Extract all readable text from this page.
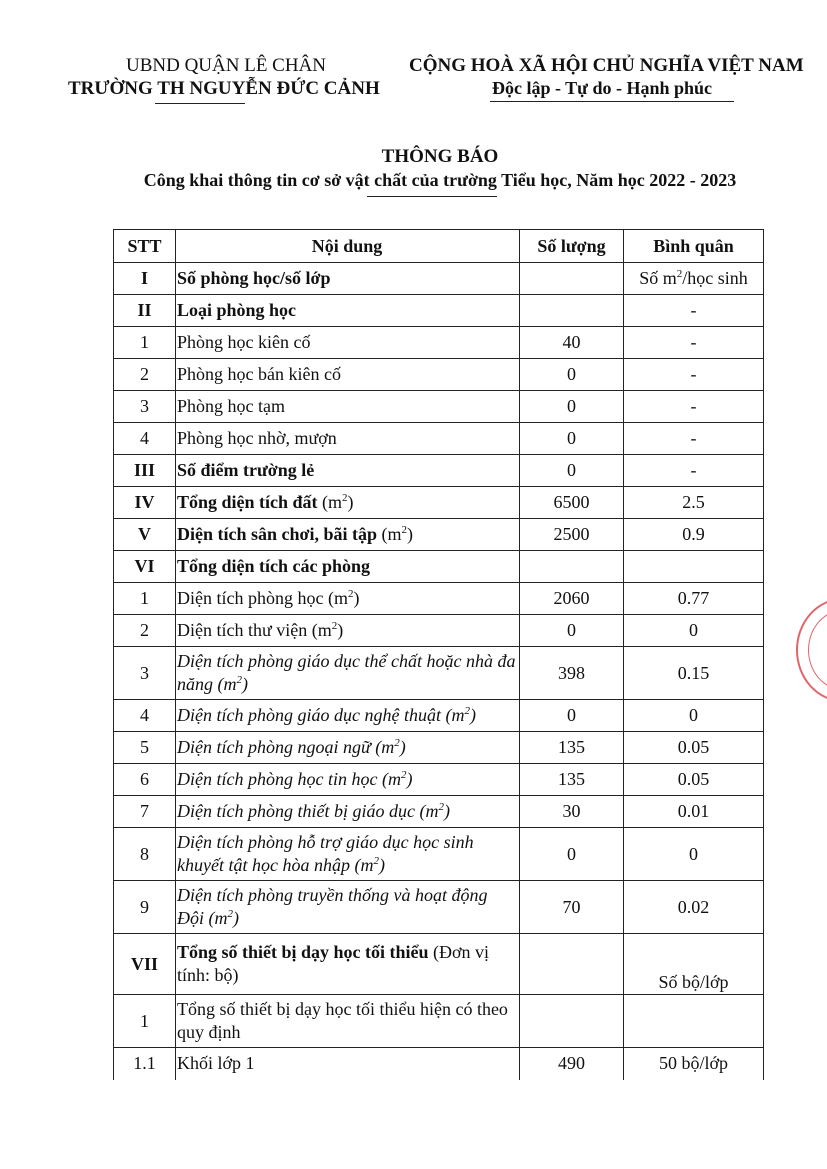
UBND QUẬN LÊ CHÂN
TRƯỜNG TH NGUYỄN ĐỨC CẢNH
CỘNG HOÀ XÃ HỘI CHỦ NGHĨA VIỆT NAM
Độc lập - Tự do - Hạnh phúc
THÔNG BÁO
Công khai thông tin cơ sở vật chất của trường Tiểu học, Năm học 2022 - 2023
STT	Nội dung	Số lượng	Bình quân
I	Số phòng học/số lớp		Số $m^2$/học sinh
II	Loại phòng học		-
1	Phòng học kiên cố	40	-
2	Phòng học bán kiên cố	0	-
3	Phòng học tạm	0	-
4	Phòng học nhờ, mượn	0	-
III	Số điểm trường lẻ	0	-
IV	Tổng diện tích đất $(m^2)$	6500	2.5
V	Diện tích sân chơi, bãi tập $(m^2)$	2500	0.9
VI	Tổng diện tích các phòng		
1	Diện tích phòng học $(m^2)$	2060	0.77
2	Diện tích thư viện $(m^2)$	0	0
3	Diện tích phòng giáo dục thể chất hoặc nhà đa năng $(m^2)$	398	0.15
4	Diện tích phòng giáo dục nghệ thuật $(m^2)$	0	0
5	Diện tích phòng ngoại ngữ $(m^2)$	135	0.05
6	Diện tích phòng học tin học $(m^2)$	135	0.05
7	Diện tích phòng thiết bị giáo dục $(m^2)$	30	0.01
8	Diện tích phòng hỗ trợ giáo dục học sinh khuyết tật học hòa nhập $(m^2)$	0	0
9	Diện tích phòng truyền thống và hoạt động Đội $(m^2)$	70	0.02
VII	Tổng số thiết bị dạy học tối thiểu (Đơn vị tính: bộ)		Số bộ/lớp
1	Tổng số thiết bị dạy học tối thiểu hiện có theo quy định		
1.1	Khối lớp 1	490	50 bộ/lớp
